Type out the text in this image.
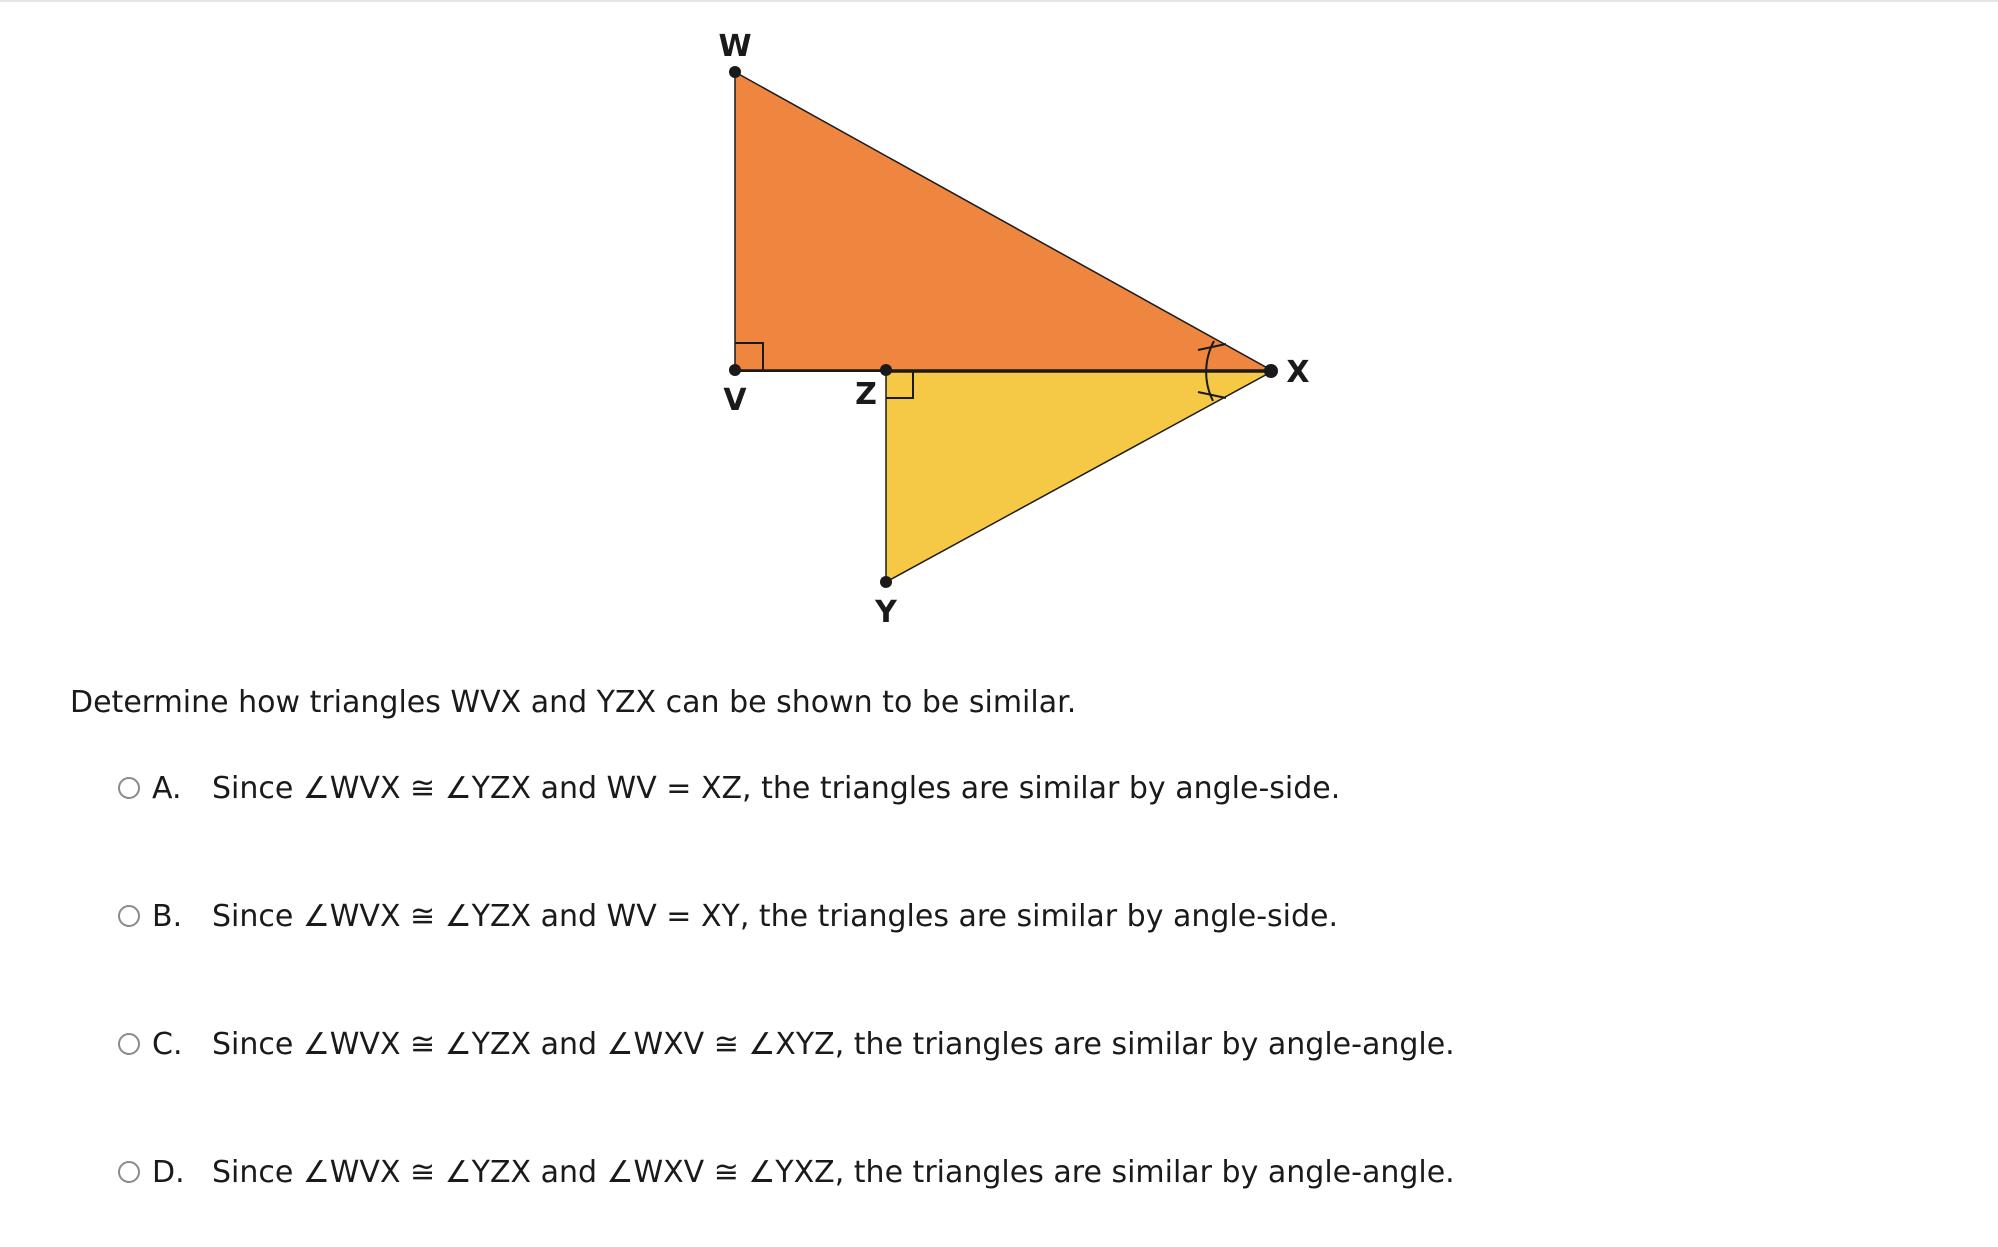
W
V	Z
X
Y
Determine how triangles WVX and YZX can be shown to be similar.
A.	Since ∠WVX ≅ ∠YZX and WV = XZ, the triangles are similar by angle-side.
B. Since ∠WVX ≅ ∠YZX and WV = XY, the triangles are similar by angle-side.
C. Since ∠WVX ≅ ∠YZX and ∠WXV ≅ ∠XYZ, the triangles are similar by angle-angle.
D. Since ∠WVX ≅ ∠YZX and ∠WXV ≅ ∠YXZ, the triangles are similar by angle-angle.
